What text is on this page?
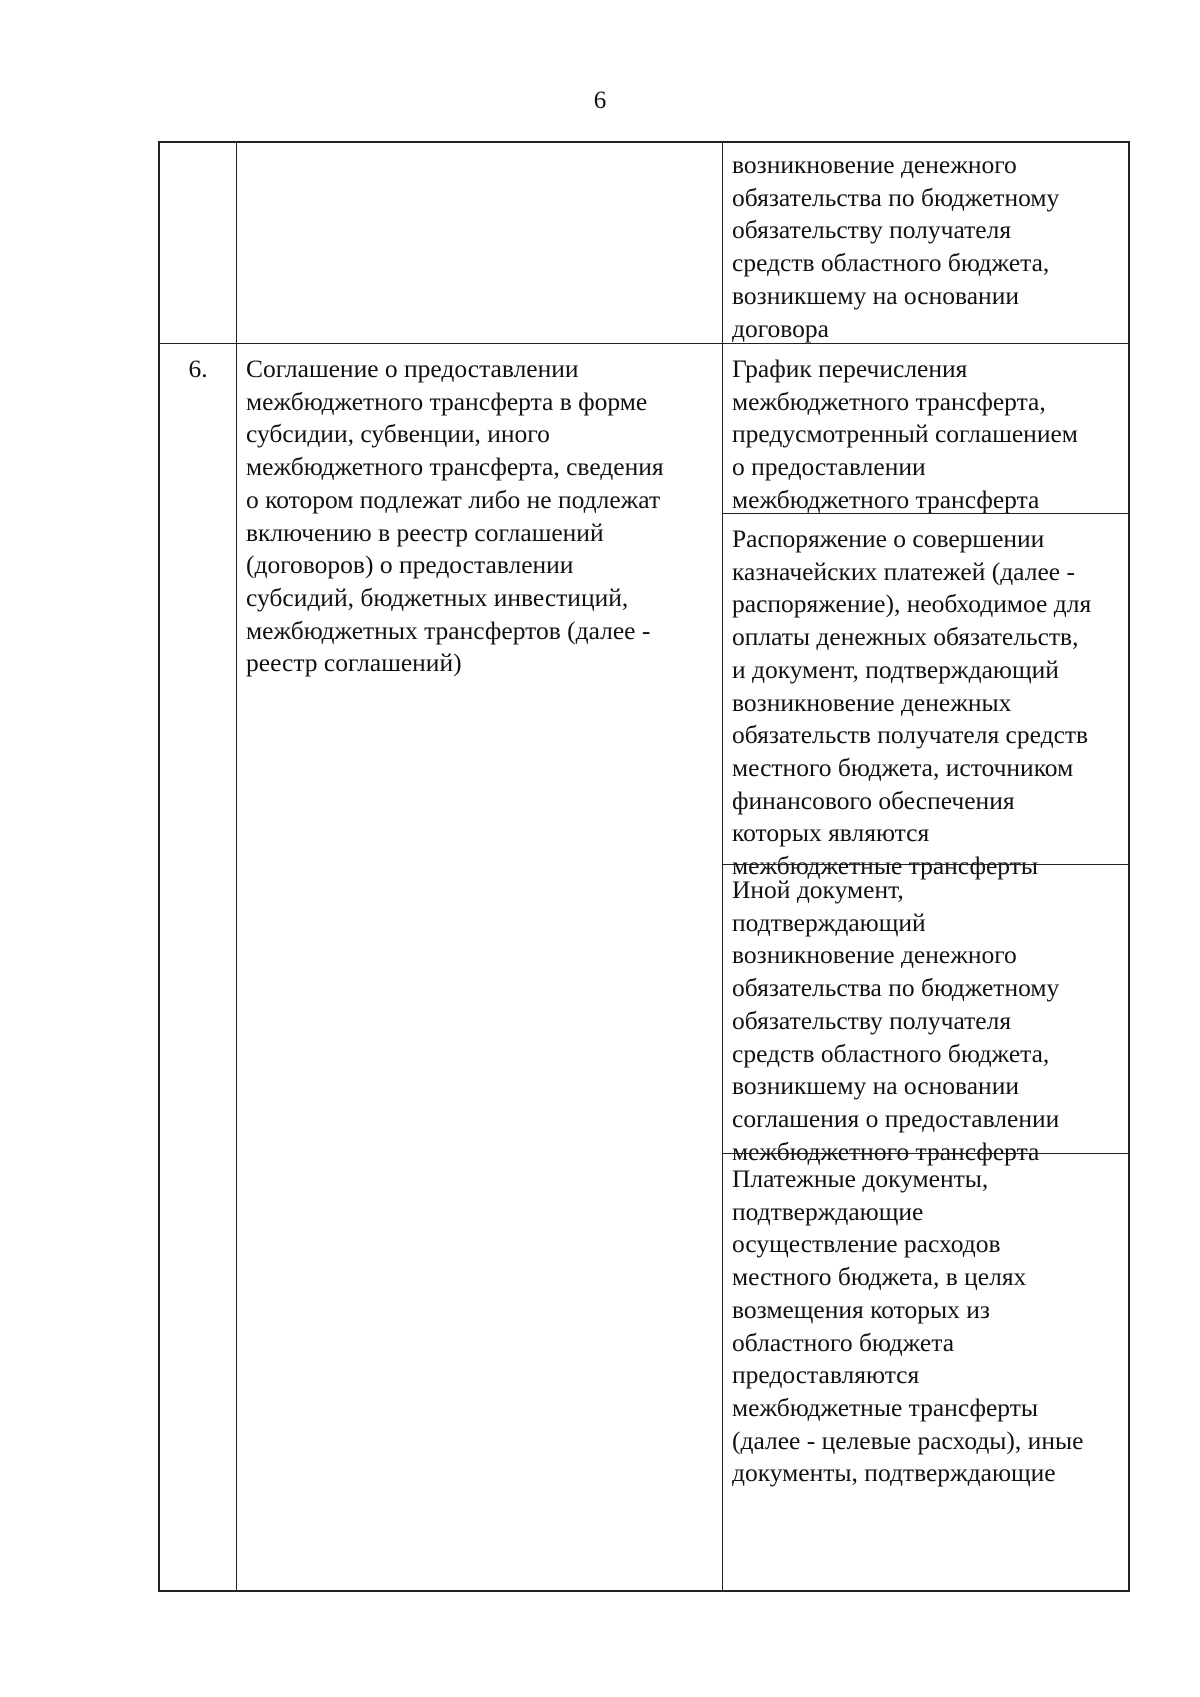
6
возникновение денежного
обязательства по бюджетному
обязательству получателя
средств областного бюджета,
возникшему на основании
договора
6.	Соглашение о предоставлении
межбюджетного трансферта в форме
субсидии, субвенции, иного
межбюджетного трансферта, сведения
о котором подлежат либо не подлежат
включению в реестр соглашений
(договоров) о предоставлении
субсидий, бюджетных инвестиций,
межбюджетных трансфертов (далее -
реестр соглашений)
График перечисления
межбюджетного трансферта,
предусмотренный соглашением
о предоставлении
межбюджетного трансферта
Распоряжение о совершении
казначейских платежей (далее -
распоряжение), необходимое для
оплаты денежных обязательств,
и документ, подтверждающий
возникновение денежных
обязательств получателя средств
местного бюджета, источником
финансового обеспечения
которых являются
межбюджетные трансферты
Иной документ,
подтверждающий
возникновение денежного
обязательства по бюджетному
обязательству получателя
средств областного бюджета,
возникшему на основании
соглашения о предоставлении
межбюджетного трансферта
Платежные документы,
подтверждающие
осуществление расходов
местного бюджета, в целях
возмещения которых из
областного бюджета
предоставляются
межбюджетные трансферты
(далее - целевые расходы), иные
документы, подтверждающие
